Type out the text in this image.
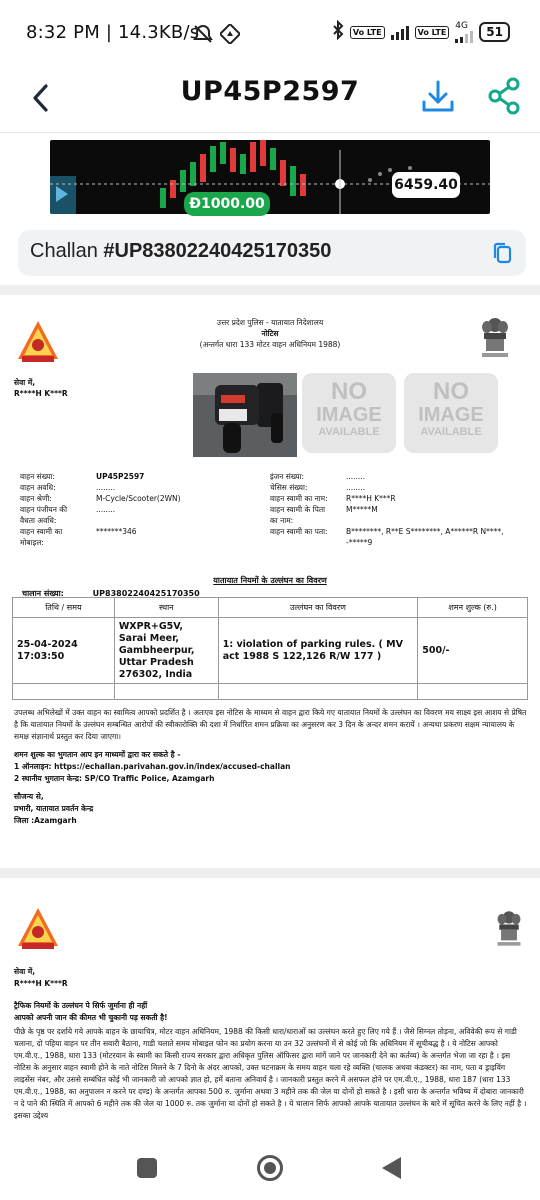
8:32 PM | 14.3KB/s	Vo LTE	Vo LTE
4G	51
UP45P2597
6459.40
Ð1000.00
Challan #UP83802240425170350
उत्तर प्रदेश पुलिस - यातायात निदेशालय
नोटिस
(अन्तर्गत धारा 133 मोटर वाहन अधिनियम 1988)
सेवा में,
R****H K***R	NO
IMAGE
AVAILABLE
NO
IMAGE
AVAILABLE
वाहन संख्या:	UP45P2597
वाहन अवधि:	........
वाहन श्रेणी:	M-Cycle/Scooter(2WN)
वाहन पंजीयन की	........
वैधता अवधि:
वाहन स्वामी का	*******346
मोबाइल:
इंजन संख्या:	........
चेसिस संख्या:	........
वाहन स्वामी का नाम:	R****H K***R
वाहन स्वामी के पिता	M*****M
का नाम:
वाहन स्वामी का पता:	B********, R**E S********, A******R N****,
-*****9
यातायात नियमों के उल्लंघन का विवरण
चालान संख्या:	UP83802240425170350
तिथि / समय	स्थान	उल्लंघन का विवरण	शमन शुल्क (रु.)

25-04-2024
17:03:50	WXPR+G5V, Sarai Meer, Gambheerpur, Uttar Pradesh 276302, India	1: violation of parking rules. ( MV act 1988 S 122,126 R/W 177 )	500/-

उपलब्ध अभिलेखों में उक्त वाहन का स्वामित्व आपको प्रदर्शित है । अतःएव इस नोटिस के माध्यम से वाहन द्वारा किये गए यातायात नियमों के उल्लंघन का विवरण मय साक्ष्य इस आशय से प्रेषित है कि यातायात नियमों के उल्लंघन सम्बन्धित आरोपों की स्वीकारोक्ति की दशा में निर्धारित शमन प्रक्रिया का अनुसरण कर 3 दिन के अन्दर शमन करायें । अन्यथा प्रकरण सक्षम न्यायालय के समक्ष संज्ञानार्थ प्रस्तुत कर दिया जाएगा।
शमन शुल्क का भुगतान आप इन माध्यमों द्वारा कर सकते है -
1 ऑनलाइन: https://echallan.parivahan.gov.in/index/accused-challan
2 स्थानीय भुगतान केन्द्र: SP/CO Traffic Police, Azamgarh
सौजन्य से,
प्रभारी, यातायात प्रवर्तन केन्द्र
जिला :Azamgarh
सेवा में,
R****H K***R
ट्रैफिक नियमों के उल्लंघन पे सिर्फ जुर्माना ही नहीं
आपको अपनी जान की कीमत भी चुकानी पड़ सकती है!
पीछे के पृष्ठ पर दर्शाये गये आपके वाहन के छायाचित्र, मोटर वाहन अधिनियम, 1988 की किसी धारा/धाराओं का उल्लंघन करते हुए लिए गये हैं । जैसे सिग्नल तोड़ना, अविवेकी रूप से गाडी चलाना, दो पहिया वाहन पर तीन सवारी बैठाना, गाडी चलाते समय मोबाइल फोन का प्रयोग करना या उन 32 उल्लंघनों में से कोई जो कि अधिनियम में सूचीबद्ध है । ये नोटिस आपको एम.वी.ए., 1988, धारा 133 (मोटरयान के स्वामी का किसी राज्य सरकार द्वारा अधिकृत पुलिस ऑफिसर द्वारा मांगें जाने पर जानकारी देने का कर्तव्य) के अन्तर्गत भेजा जा रहा है । इस नोटिस के अनुसार वाहन स्वामी होने के नाते नोटिस मिलने के 7 दिनो के अंदर आपको, उक्त घटनाक्रम के समय वाहन चला रहे व्यक्ति (चालक अथवा कंडक्टर) का नाम, पता व ड्राइविंग लाइसेंस नंबर, और उससे सम्बंधित कोई भी जानकारी जो आपको ज्ञात हो, हमें बताना अनिवार्य है । जानकारी प्रस्तुत करने में असफल होने पर एम.वी.ए., 1988, धारा 187 (धारा 133 एम.वी.ए., 1988, का अनुपालन न करने पर दण्ड) के अन्तर्गत आपका 500 रु. जुर्माना अथवा 3 महीने तक की जेल या दोनों हो सकते है । इसी धारा के अन्तर्गत भविष्य में दोबारा जानकारी न दे पाने की स्थिति में आपको 6 महीने तक की जेल या 1000 रु. तक जुर्माना या दोनों हो सकते है । ये चालान सिर्फ आपको आपके यातायात उल्लंघन के बारे में सूचित करने के लिए नहीं है । इसका उद्देश्य
